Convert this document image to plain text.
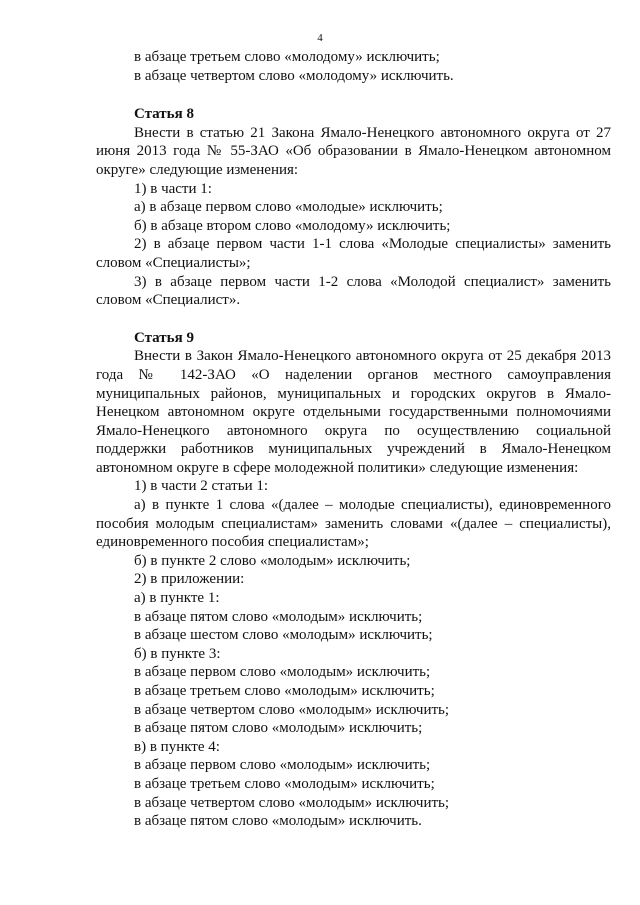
4

в абзаце третьем слово «молодому» исключить;

в абзаце четвертом слово «молодому» исключить.

Статья 8

Внести в статью 21 Закона Ямало-Ненецкого автономного округа от 27 июня 2013 года № 55-ЗАО «Об образовании в Ямало-Ненецком автономном округе» следующие изменения:

1) в части 1:

а) в абзаце первом слово «молодые» исключить;

б) в абзаце втором слово «молодому» исключить;

2) в абзаце первом части 1-1 слова «Молодые специалисты» заменить словом «Специалисты»;

3) в абзаце первом части 1-2 слова «Молодой специалист» заменить словом «Специалист».

Статья 9

Внести в Закон Ямало-Ненецкого автономного округа от 25 декабря 2013 года № 142-ЗАО «О наделении органов местного самоуправления муниципальных районов, муниципальных и городских округов в Ямало-Ненецком автономном округе отдельными государственными полномочиями Ямало-Ненецкого автономного округа по осуществлению социальной поддержки работников муниципальных учреждений в Ямало-Ненецком автономном округе в сфере молодежной политики» следующие изменения:

1) в части 2 статьи 1:

а) в пункте 1 слова «(далее – молодые специалисты), единовременного пособия молодым специалистам» заменить словами «(далее – специалисты), единовременного пособия специалистам»;

б) в пункте 2 слово «молодым» исключить;

2) в приложении:

а) в пункте 1:

в абзаце пятом слово «молодым» исключить;

в абзаце шестом слово «молодым» исключить;

б) в пункте 3:

в абзаце первом слово «молодым» исключить;

в абзаце третьем слово «молодым» исключить;

в абзаце четвертом слово «молодым» исключить;

в абзаце пятом слово «молодым» исключить;

в) в пункте 4:

в абзаце первом слово «молодым» исключить;

в абзаце третьем слово «молодым» исключить;

в абзаце четвертом слово «молодым» исключить;

в абзаце пятом слово «молодым» исключить.
